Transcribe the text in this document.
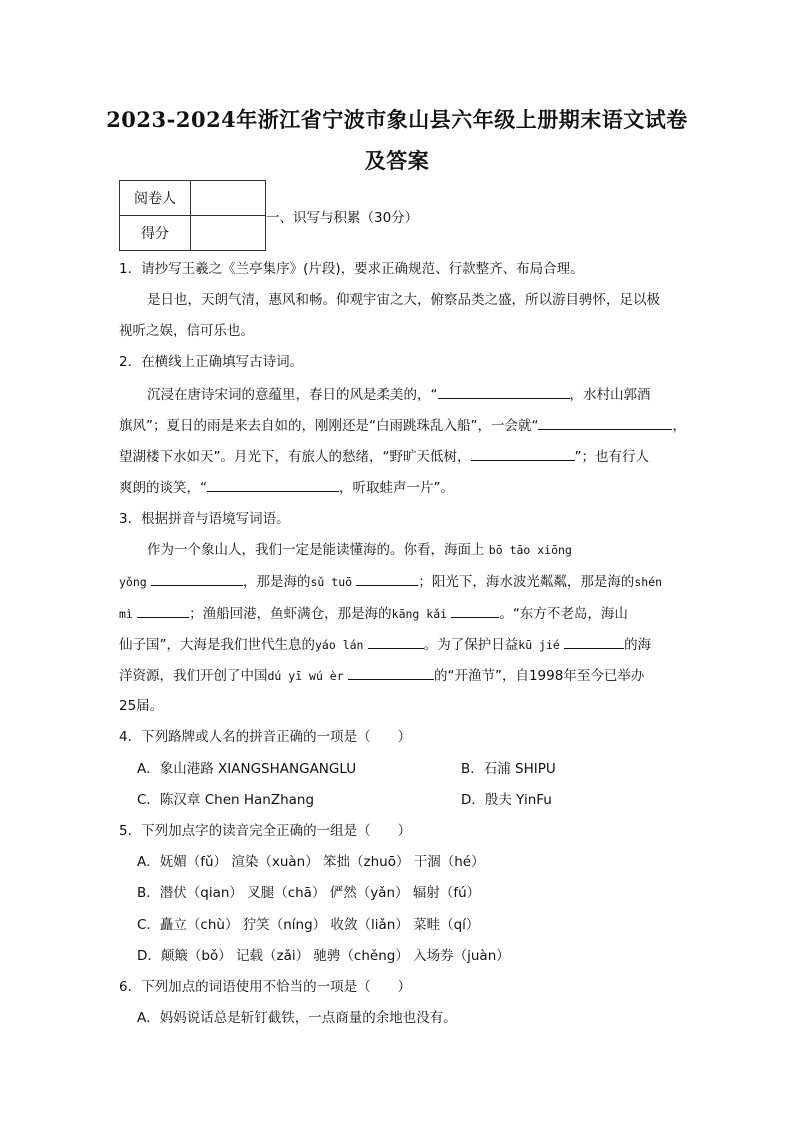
2023-2024年浙江省宁波市象山县六年级上册期末语文试卷
及答案
阅卷人	
得分	
一、识写与积累（30分）
1．请抄写王羲之《兰亭集序》(片段)，要求正确规范、行款整齐、布局合理。
是日也，天朗气清，惠风和畅。仰观宇宙之大，俯察品类之盛，所以游目骋怀，足以极
视听之娱，信可乐也。
2．在横线上正确填写古诗词。
沉浸在唐诗宋词的意蕴里，春日的风是柔美的，“	，水村山郭酒
旗风”；夏日的雨是来去自如的，刚刚还是“白雨跳珠乱入船”，一会就“	，
望湖楼下水如天”。月光下，有旅人的愁绪，“野旷天低树，	”；也有行人
爽朗的谈笑，“	，听取蛙声一片”。
3．根据拼音与语境写词语。
作为一个象山人，我们一定是能读懂海的。你看，海面上 bō tāo xiōng
yǒng	，那是海的sǔ tuō	；阳光下，海水波光粼粼，那是海的shén
mì	；渔船回港，鱼虾满仓，那是海的kāng kǎi	。“东方不老岛，海山
仙子国”，大海是我们世代生息的yáo lán	。为了保护日益kū jié	的海
洋资源，我们开创了中国dú yī wú èr	的“开渔节”，自1998年至今已举办
25届。
4．下列路牌或人名的拼音正确的一项是（　　）
A．象山港路 XIANGSHANGANGLU	B．石浦 SHIPU
C．陈汉章 Chen HanZhang	D．殷夫 YinFu
5．下列加点字的读音完全正确的一组是（　　）
A．妩媚（fǔ） 渲染（xuàn） 笨拙（zhuō） 干涸（hé）
B．潜伏（qian） 叉腿（chā） 俨然（yǎn） 辐射（fú）
C．矗立（chù） 狞笑（níng） 收敛（liǎn） 菜畦（qí）
D．颠簸（bǒ） 记载（zǎi） 驰骋（chěng） 入场券（juàn）
6．下列加点的词语使用不恰当的一项是（　　）
A．妈妈说话总是斩钉截铁，一点商量的余地也没有。
